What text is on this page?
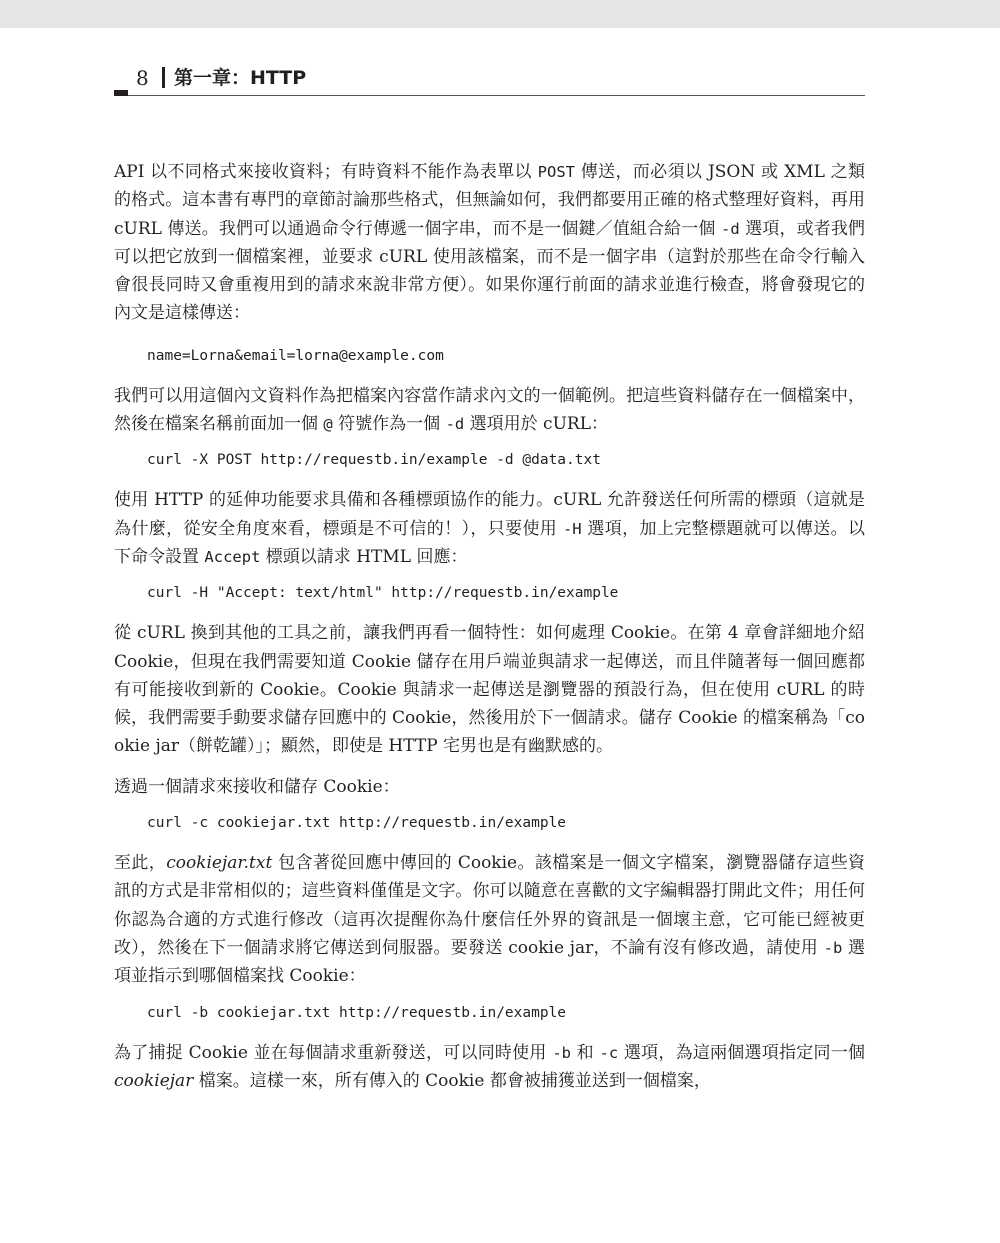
8 第一章：HTTP

API 以不同格式來接收資料；有時資料不能作為表單以 POST 傳送，而必須以 JSON 或 XML 之類的格式。這本書有專門的章節討論那些格式，但無論如何，我們都要用正確的格式整理好資料，再用 cURL 傳送。我們可以通過命令行傳遞一個字串，而不是一個鍵／值組合給一個 -d 選項，或者我們可以把它放到一個檔案裡，並要求 cURL 使用該檔案，而不是一個字串（這對於那些在命令行輸入會很長同時又會重複用到的請求來說非常方便）。如果你運行前面的請求並進行檢查，將會發現它的內文是這樣傳送：

name=Lorna&email=lorna@example.com

我們可以用這個內文資料作為把檔案內容當作請求內文的一個範例。把這些資料儲存在一個檔案中，然後在檔案名稱前面加一個 @ 符號作為一個 -d 選項用於 cURL：

curl -X POST http://requestb.in/example -d @data.txt

使用 HTTP 的延伸功能要求具備和各種標頭協作的能力。cURL 允許發送任何所需的標頭（這就是為什麼，從安全角度來看，標頭是不可信的！），只要使用 -H 選項，加上完整標題就可以傳送。以下命令設置 Accept 標頭以請求 HTML 回應：

curl -H "Accept: text/html" http://requestb.in/example

從 cURL 換到其他的工具之前，讓我們再看一個特性：如何處理 Cookie。在第 4 章會詳細地介紹 Cookie，但現在我們需要知道 Cookie 儲存在用戶端並與請求一起傳送，而且伴隨著每一個回應都有可能接收到新的 Cookie。Cookie 與請求一起傳送是瀏覽器的預設行為，但在使用 cURL 的時候，我們需要手動要求儲存回應中的 Cookie，然後用於下一個請求。儲存 Cookie 的檔案稱為「cookie jar（餅乾罐）」；顯然，即使是 HTTP 宅男也是有幽默感的。

透過一個請求來接收和儲存 Cookie：

curl -c cookiejar.txt http://requestb.in/example

至此，cookiejar.txt 包含著從回應中傳回的 Cookie。該檔案是一個文字檔案，瀏覽器儲存這些資訊的方式是非常相似的；這些資料僅僅是文字。你可以隨意在喜歡的文字編輯器打開此文件；用任何你認為合適的方式進行修改（這再次提醒你為什麼信任外界的資訊是一個壞主意，它可能已經被更改），然後在下一個請求將它傳送到伺服器。要發送 cookie jar，不論有沒有修改過，請使用 -b 選項並指示到哪個檔案找 Cookie：

curl -b cookiejar.txt http://requestb.in/example

為了捕捉 Cookie 並在每個請求重新發送，可以同時使用 -b 和 -c 選項，為這兩個選項指定同一個 cookiejar 檔案。這樣一來，所有傳入的 Cookie 都會被捕獲並送到一個檔案，
